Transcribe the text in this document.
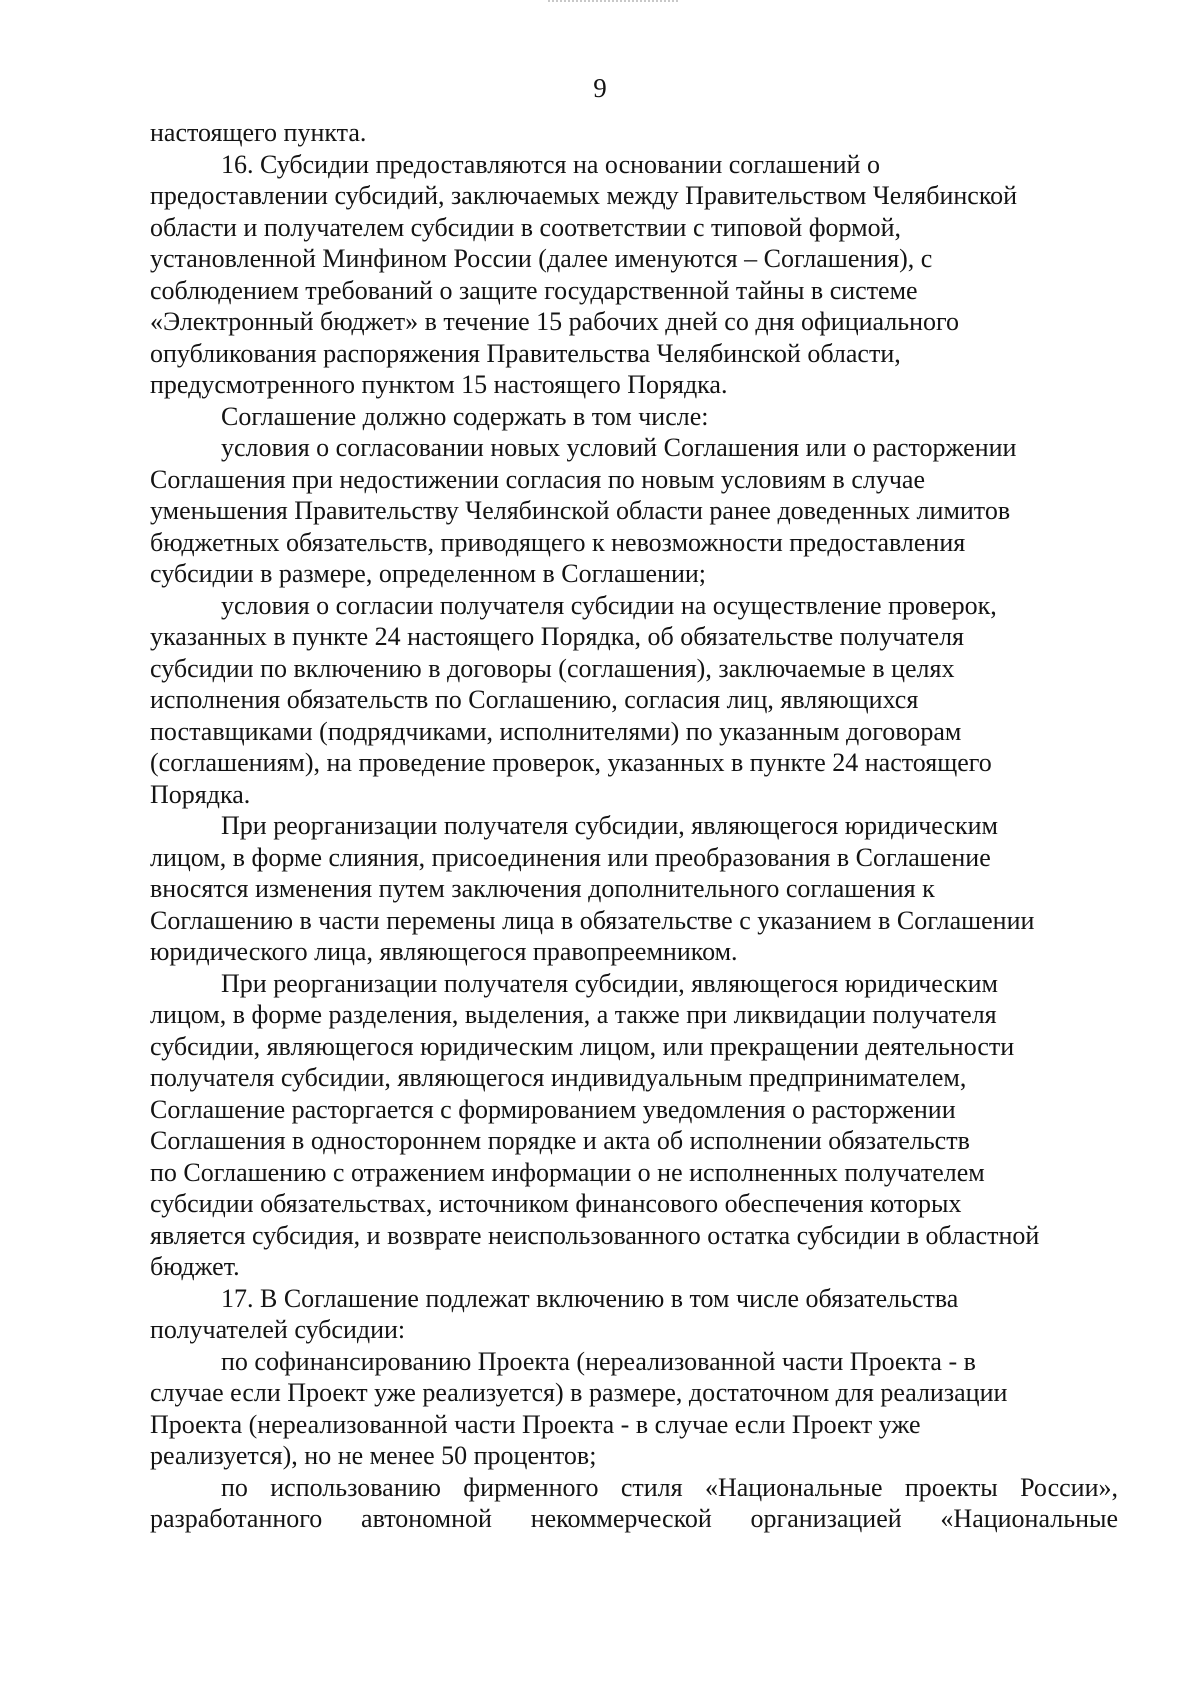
9

настоящего пункта.

16. Субсидии предоставляются на основании соглашений о
предоставлении субсидий, заключаемых между Правительством Челябинской
области и получателем субсидии в соответствии с типовой формой,
установленной Минфином России (далее именуются – Соглашения), с
соблюдением требований о защите государственной тайны в системе
«Электронный бюджет» в течение 15 рабочих дней со дня официального
опубликования распоряжения Правительства Челябинской области,
предусмотренного пунктом 15 настоящего Порядка.

Соглашение должно содержать в том числе:

условия о согласовании новых условий Соглашения или о расторжении
Соглашения при недостижении согласия по новым условиям в случае
уменьшения Правительству Челябинской области ранее доведенных лимитов
бюджетных обязательств, приводящего к невозможности предоставления
субсидии в размере, определенном в Соглашении;

условия о согласии получателя субсидии на осуществление проверок,
указанных в пункте 24 настоящего Порядка, об обязательстве получателя
субсидии по включению в договоры (соглашения), заключаемые в целях
исполнения обязательств по Соглашению, согласия лиц, являющихся
поставщиками (подрядчиками, исполнителями) по указанным договорам
(соглашениям), на проведение проверок, указанных в пункте 24 настоящего
Порядка.

При реорганизации получателя субсидии, являющегося юридическим
лицом, в форме слияния, присоединения или преобразования в Соглашение
вносятся изменения путем заключения дополнительного соглашения к
Соглашению в части перемены лица в обязательстве с указанием в Соглашении
юридического лица, являющегося правопреемником.

При реорганизации получателя субсидии, являющегося юридическим
лицом, в форме разделения, выделения, а также при ликвидации получателя
субсидии, являющегося юридическим лицом, или прекращении деятельности
получателя субсидии, являющегося индивидуальным предпринимателем,
Соглашение расторгается с формированием уведомления о расторжении
Соглашения в одностороннем порядке и акта об исполнении обязательств
по Соглашению с отражением информации о не исполненных получателем
субсидии обязательствах, источником финансового обеспечения которых
является субсидия, и возврате неиспользованного остатка субсидии в областной
бюджет.

17. В Соглашение подлежат включению в том числе обязательства
получателей субсидии:

по софинансированию Проекта (нереализованной части Проекта - в
случае если Проект уже реализуется) в размере, достаточном для реализации
Проекта (нереализованной части Проекта - в случае если Проект уже
реализуется), но не менее 50 процентов;

по использованию фирменного стиля «Национальные проекты России»,
разработанного автономной некоммерческой организацией «Национальные
